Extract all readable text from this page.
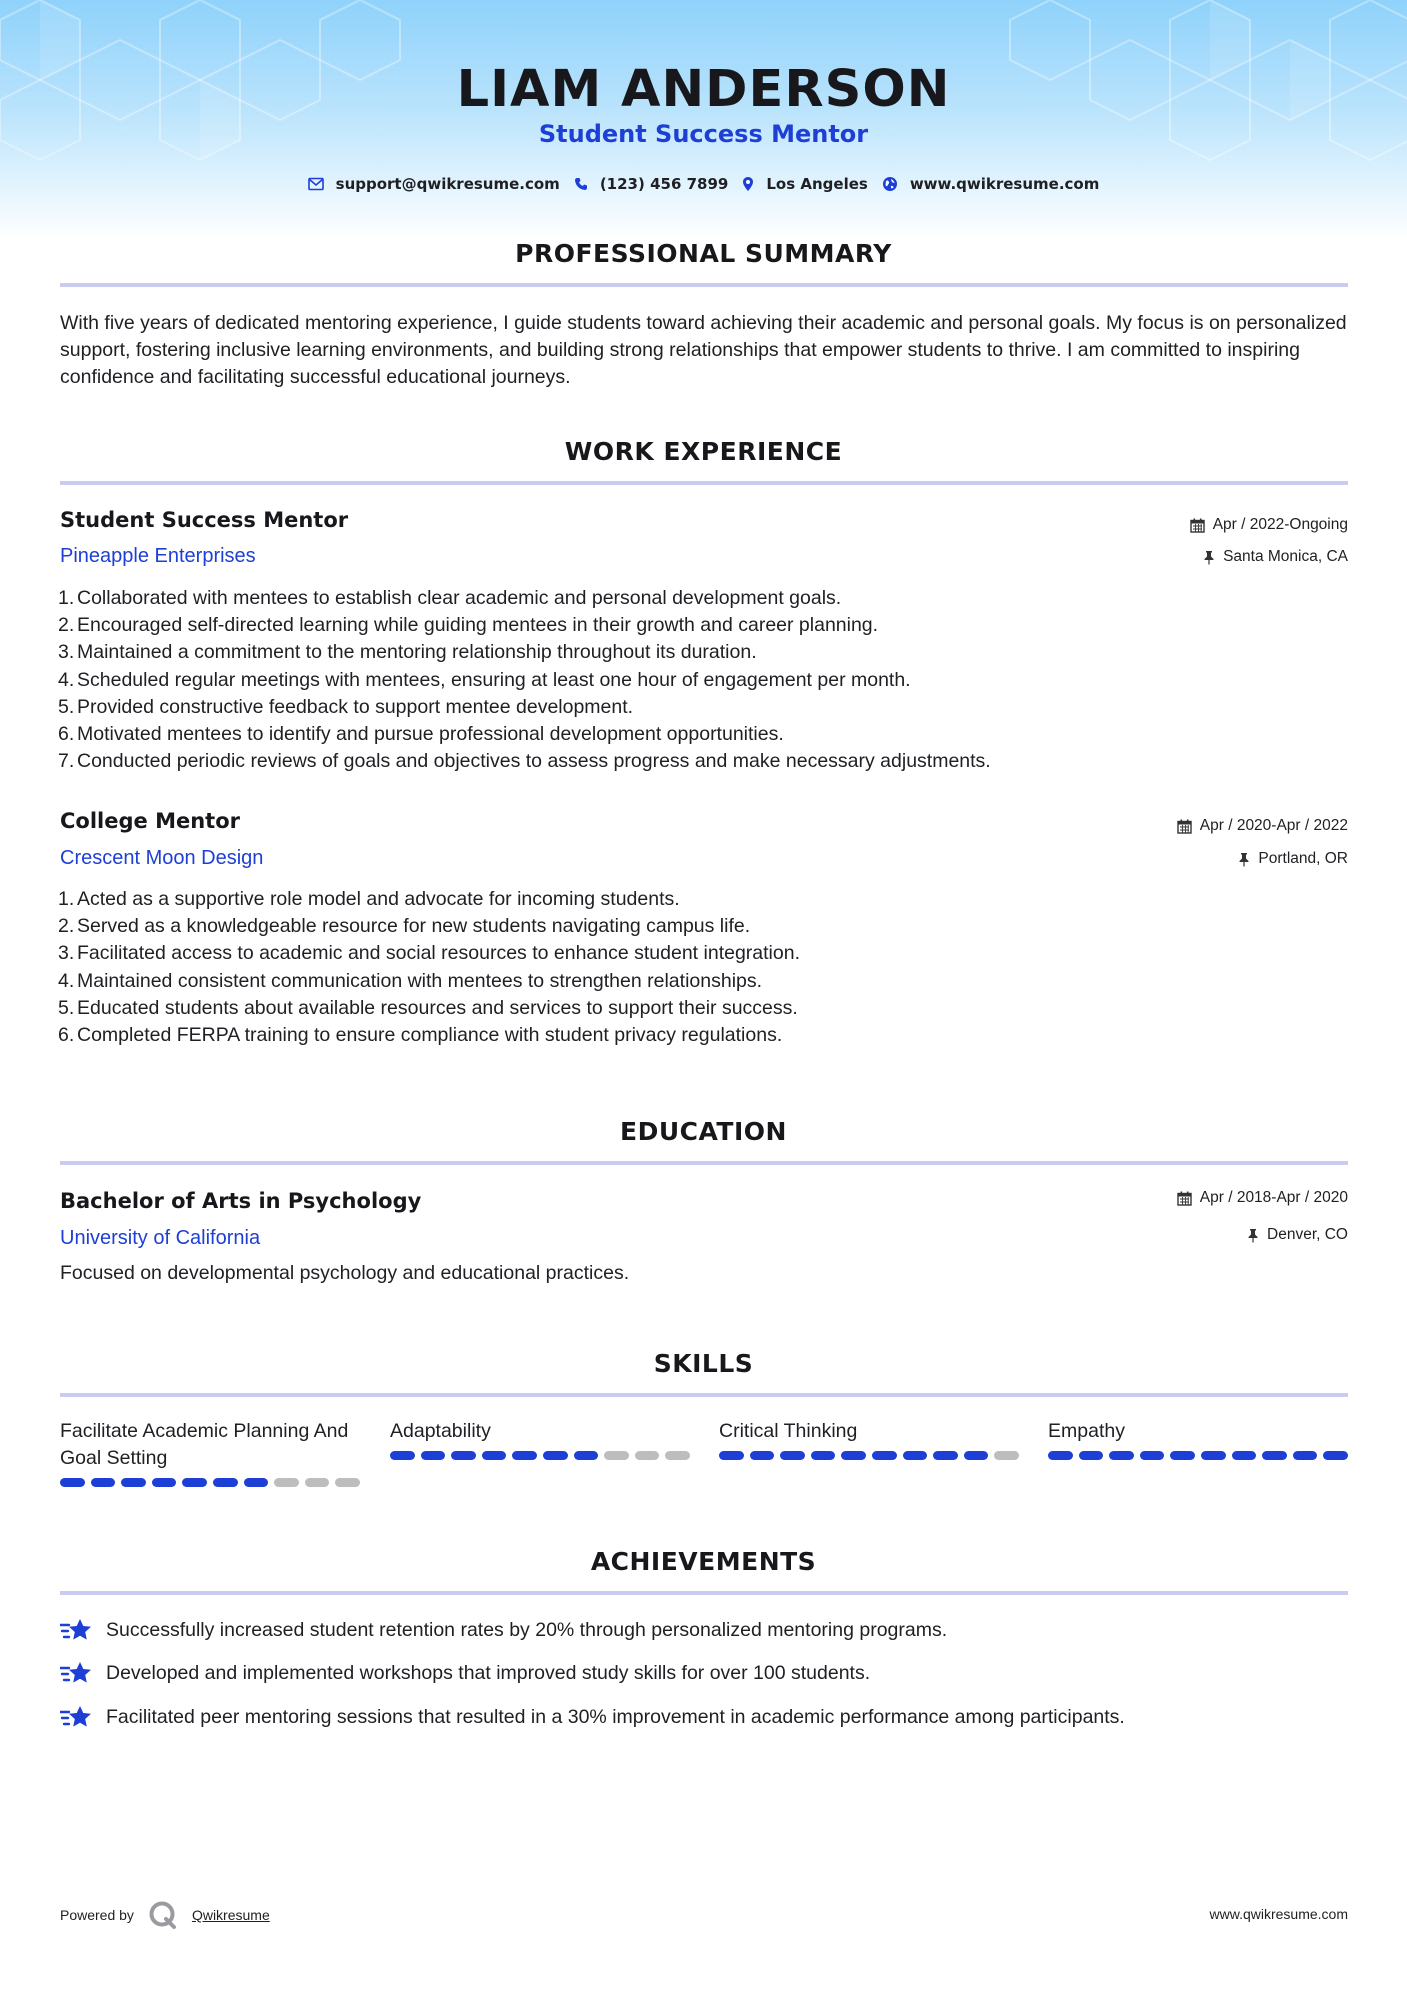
LIAM ANDERSON
Student Success Mentor
support@qwikresume.com	(123) 456 7899	Los Angeles	www.qwikresume.com
PROFESSIONAL SUMMARY

With five years of dedicated mentoring experience, I guide students toward achieving their academic and personal goals. My focus is on personalized support, fostering inclusive learning environments, and building strong relationships that empower students to thrive. I am committed to inspiring confidence and facilitating successful educational journeys.

WORK EXPERIENCE
Student Success Mentor
Pineapple Enterprises
Apr / 2022-Ongoing
Santa Monica, CA
1. Collaborated with mentees to establish clear academic and personal development goals.
2. Encouraged self-directed learning while guiding mentees in their growth and career planning.
3. Maintained a commitment to the mentoring relationship throughout its duration.
4. Scheduled regular meetings with mentees, ensuring at least one hour of engagement per month.
5. Provided constructive feedback to support mentee development.
6. Motivated mentees to identify and pursue professional development opportunities.
7. Conducted periodic reviews of goals and objectives to assess progress and make necessary adjustments.
College Mentor
Crescent Moon Design
Apr / 2020-Apr / 2022
Portland, OR
1. Acted as a supportive role model and advocate for incoming students.
2. Served as a knowledgeable resource for new students navigating campus life.
3. Facilitated access to academic and social resources to enhance student integration.
4. Maintained consistent communication with mentees to strengthen relationships.
5. Educated students about available resources and services to support their success.
6. Completed FERPA training to ensure compliance with student privacy regulations.
EDUCATION
Bachelor of Arts in Psychology
University of California
Apr / 2018-Apr / 2020
Denver, CO
Focused on developmental psychology and educational practices.
SKILLS
Facilitate Academic Planning And Goal Setting
Adaptability	Critical Thinking	Empathy
ACHIEVEMENTS
Successfully increased student retention rates by 20% through personalized mentoring programs.
Developed and implemented workshops that improved study skills for over 100 students.
Facilitated peer mentoring sessions that resulted in a 30% improvement in academic performance among participants.
Powered by	Qwikresume	www.qwikresume.com
